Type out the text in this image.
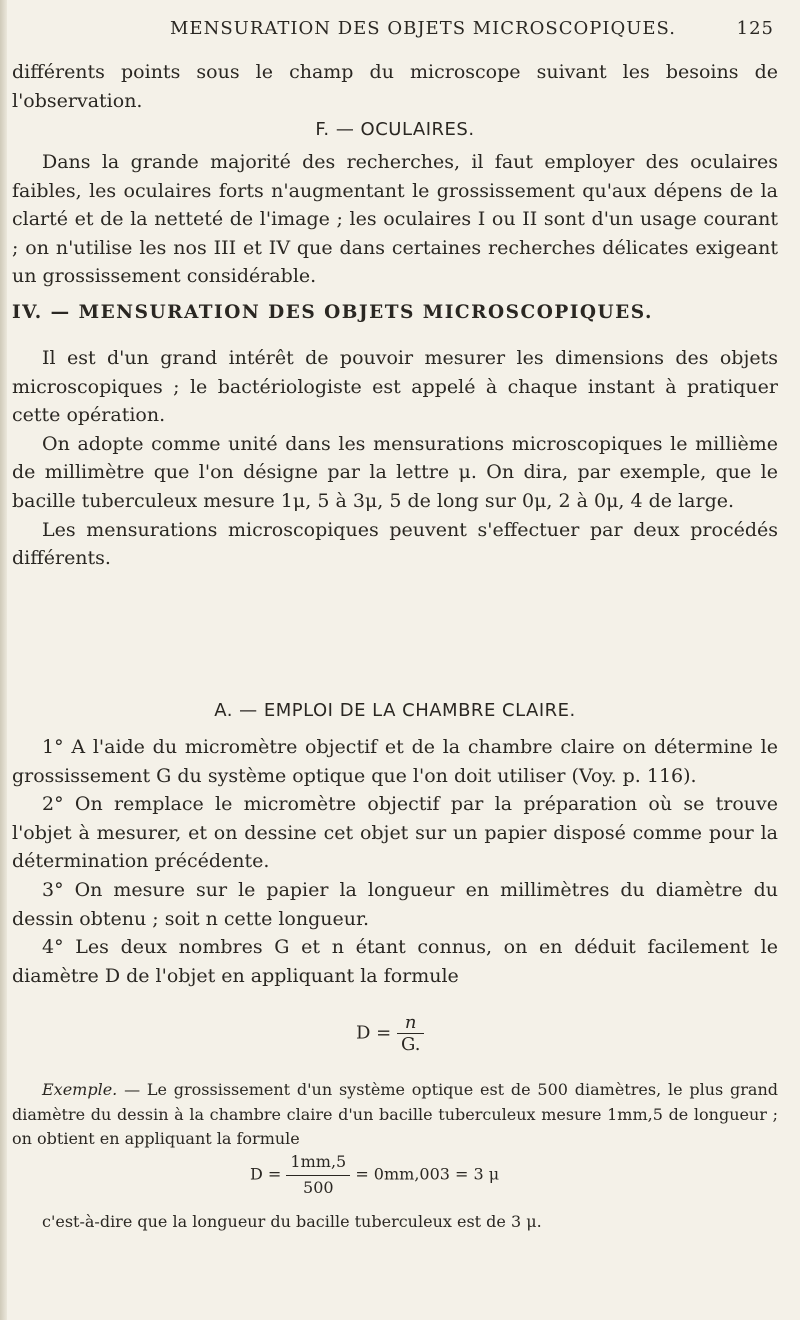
MENSURATION DES OBJETS MICROSCOPIQUES.	125

différents points sous le champ du microscope suivant les besoins de l'observation.

F. — OCULAIRES.

Dans la grande majorité des recherches, il faut employer des oculaires faibles, les oculaires forts n'augmentant le grossissement qu'aux dépens de la clarté et de la netteté de l'image ; les oculaires I ou II sont d'un usage courant ; on n'utilise les nos III et IV que dans certaines recherches délicates exigeant un grossissement considérable.

IV. — MENSURATION DES OBJETS MICROSCOPIQUES.

Il est d'un grand intérêt de pouvoir mesurer les dimensions des objets microscopiques ; le bactériologiste est appelé à chaque instant à pratiquer cette opération.

On adopte comme unité dans les mensurations microscopiques le millième de millimètre que l'on désigne par la lettre μ. On dira, par exemple, que le bacille tuberculeux mesure 1μ, 5 à 3μ, 5 de long sur 0μ, 2 à 0μ, 4 de large.

Les mensurations microscopiques peuvent s'effectuer par deux procédés différents.

A. — EMPLOI DE LA CHAMBRE CLAIRE.

1° A l'aide du micromètre objectif et de la chambre claire on détermine le grossissement G du système optique que l'on doit utiliser (Voy. p. 116).

2° On remplace le micromètre objectif par la préparation où se trouve l'objet à mesurer, et on dessine cet objet sur un papier disposé comme pour la détermination précédente.

3° On mesure sur le papier la longueur en millimètres du diamètre du dessin obtenu ; soit n cette longueur.

4° Les deux nombres G et n étant connus, on en déduit facilement le diamètre D de l'objet en appliquant la formule

$D = \frac{n}{G.}$

Exemple. — Le grossissement d'un système optique est de 500 diamètres, le plus grand diamètre du dessin à la chambre claire d'un bacille tuberculeux mesure 1mm,5 de longueur ; on obtient en appliquant la formule

$D = \frac{1mm,5}{500} = 0mm,003 = 3$ μ

c'est-à-dire que la longueur du bacille tuberculeux est de 3 μ.
